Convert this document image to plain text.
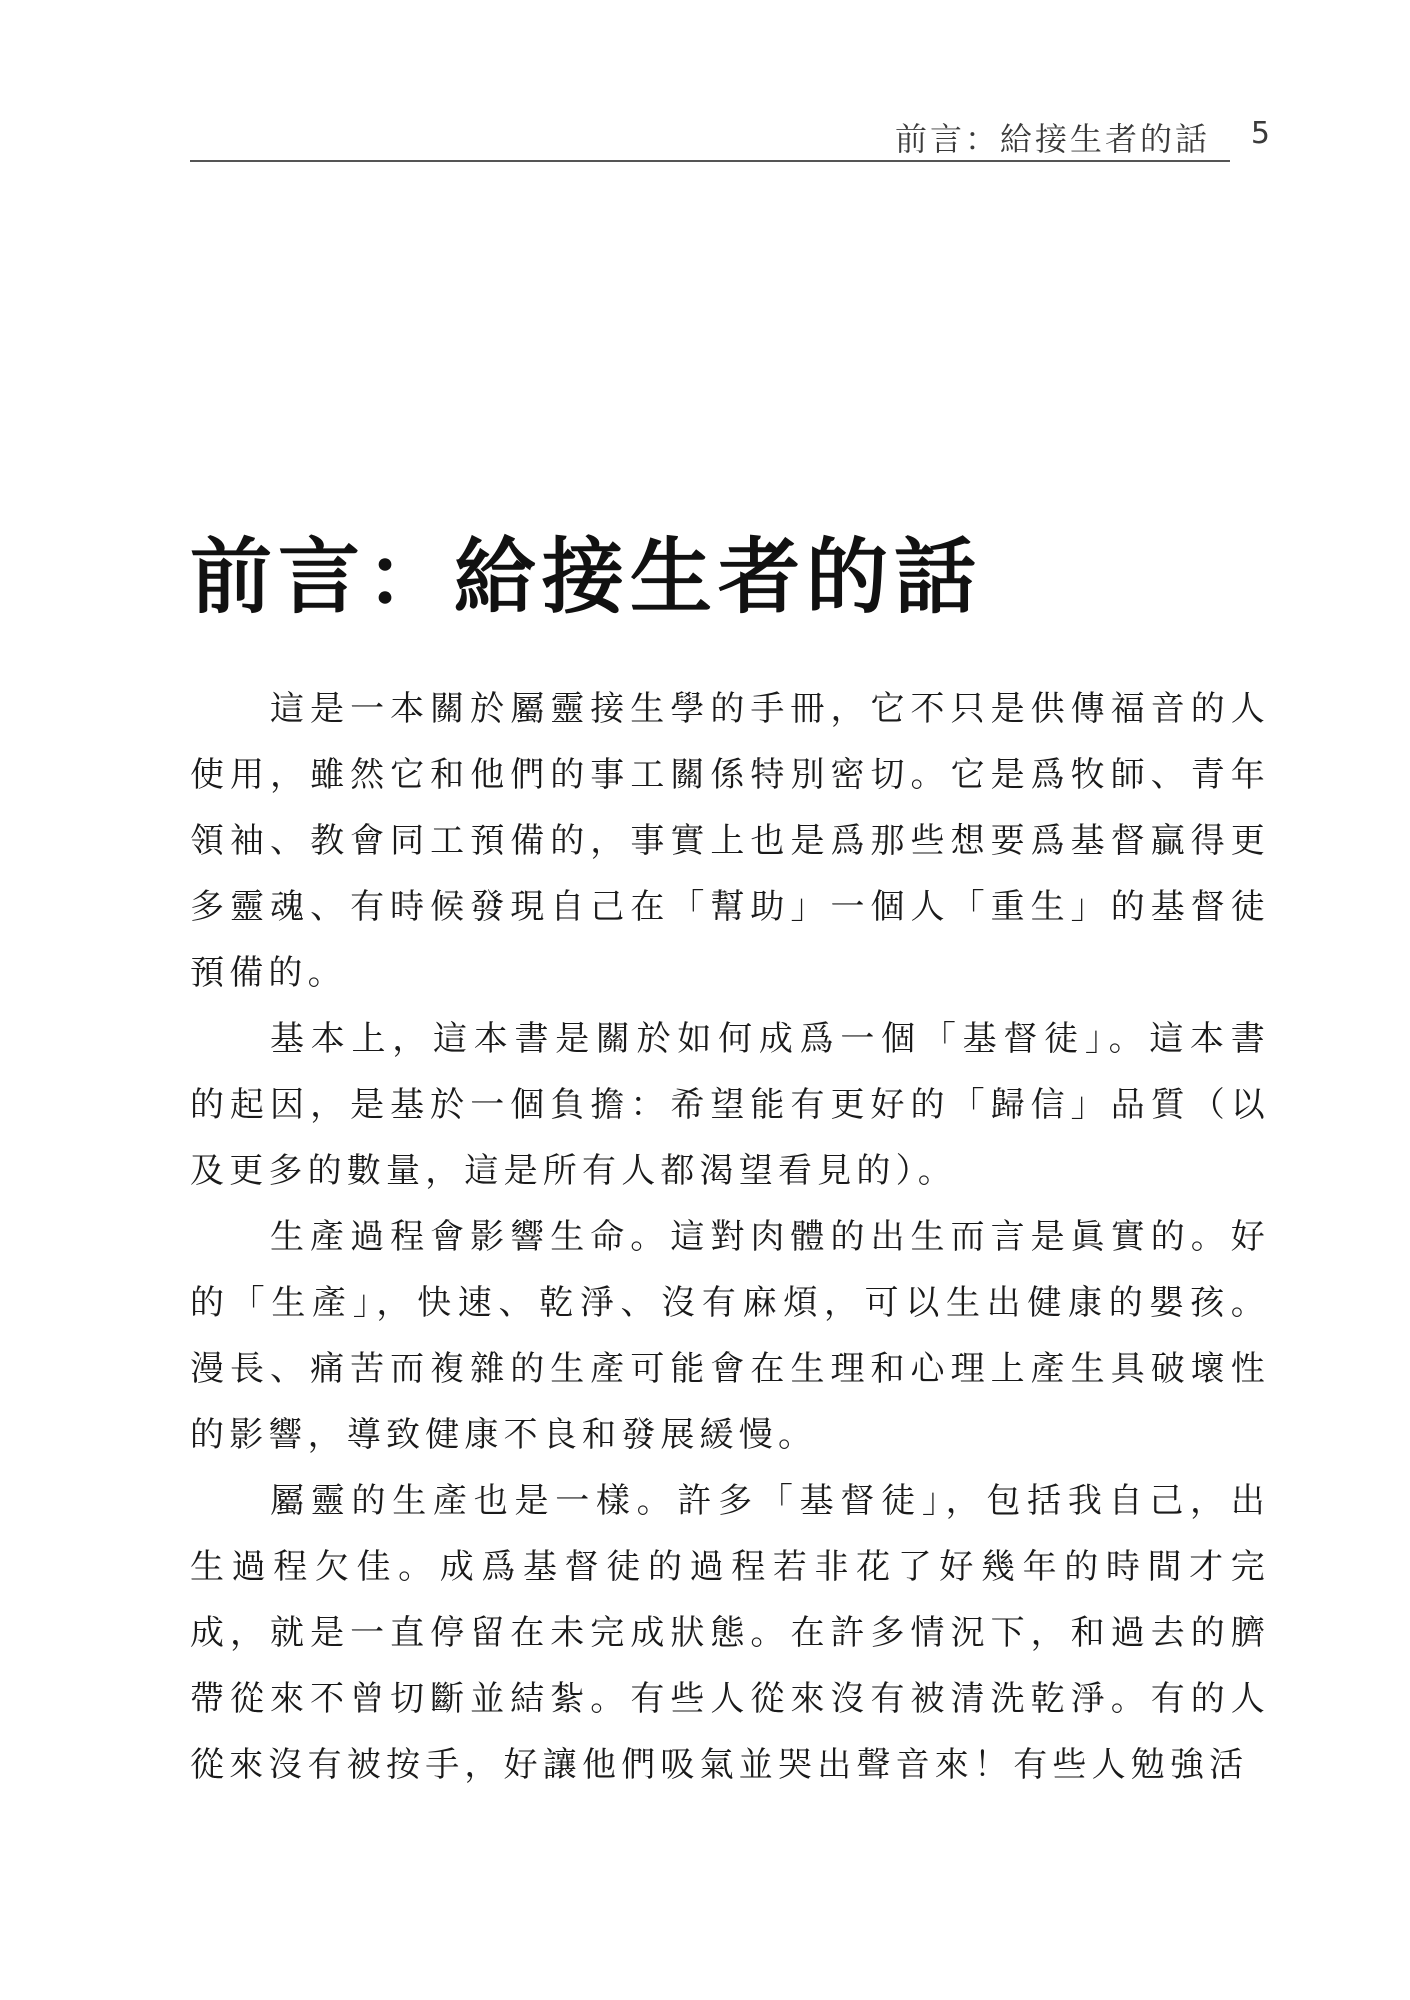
前言：給接生者的話 5
前言：給接生者的話

這是一本關於屬靈接生學的手冊，它不只是供傳福音的人使用，雖然它和他們的事工關係特別密切。它是爲牧師、青年領袖、教會同工預備的，事實上也是爲那些想要爲基督贏得更多靈魂、有時候發現自己在「幫助」一個人「重生」的基督徒預備的。

基本上，這本書是關於如何成爲一個「基督徒」。這本書的起因，是基於一個負擔：希望能有更好的「歸信」品質（以及更多的數量，這是所有人都渴望看見的）。

生產過程會影響生命。這對肉體的出生而言是眞實的。好的「生產」，快速、乾淨、沒有麻煩，可以生出健康的嬰孩。漫長、痛苦而複雜的生產可能會在生理和心理上產生具破壞性的影響，導致健康不良和發展緩慢。

屬靈的生產也是一樣。許多「基督徒」，包括我自己，出生過程欠佳。成爲基督徒的過程若非花了好幾年的時間才完成，就是一直停留在未完成狀態。在許多情況下，和過去的臍帶從來不曾切斷並結紮。有些人從來沒有被清洗乾淨。有的人從來沒有被按手，好讓他們吸氣並哭出聲音來！有些人勉強活
